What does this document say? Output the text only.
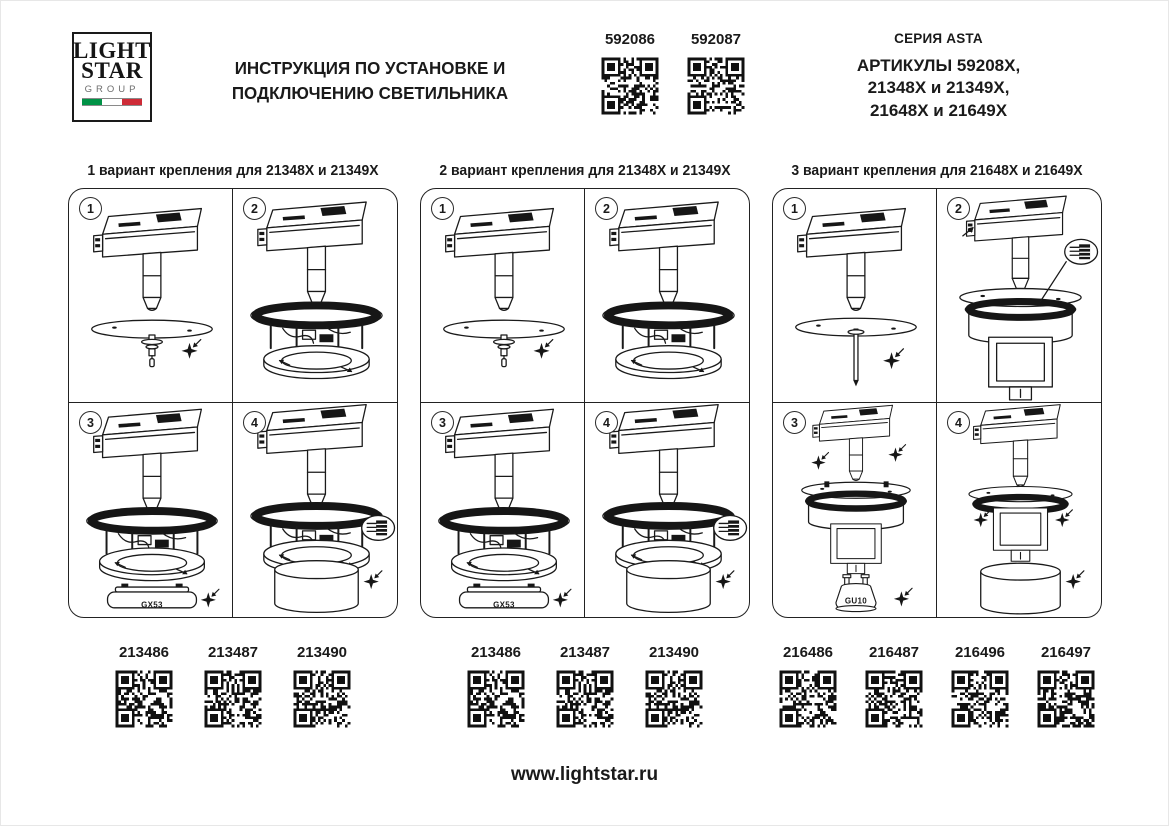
LIGHT
STAR
GROUP
ИНСТРУКЦИЯ ПО УСТАНОВКЕ И
ПОДКЛЮЧЕНИЮ СВЕТИЛЬНИКА
592086	592087	СЕРИЯ ASTA
АРТИКУЛЫ 59208X,
21348X и 21349X,
21648X и 21649X
1 вариант крепления для 21348X и 21349X
1	2
3
GX53
4
213486	213487	213490
2 вариант крепления для 21348X и 21349X
1	2
3
GX53
4
213486	213487	213490
3 вариант крепления для 21648X и 21649X
1	2
3
GU10
4
216486	216487	216496	216497
www.lightstar.ru
